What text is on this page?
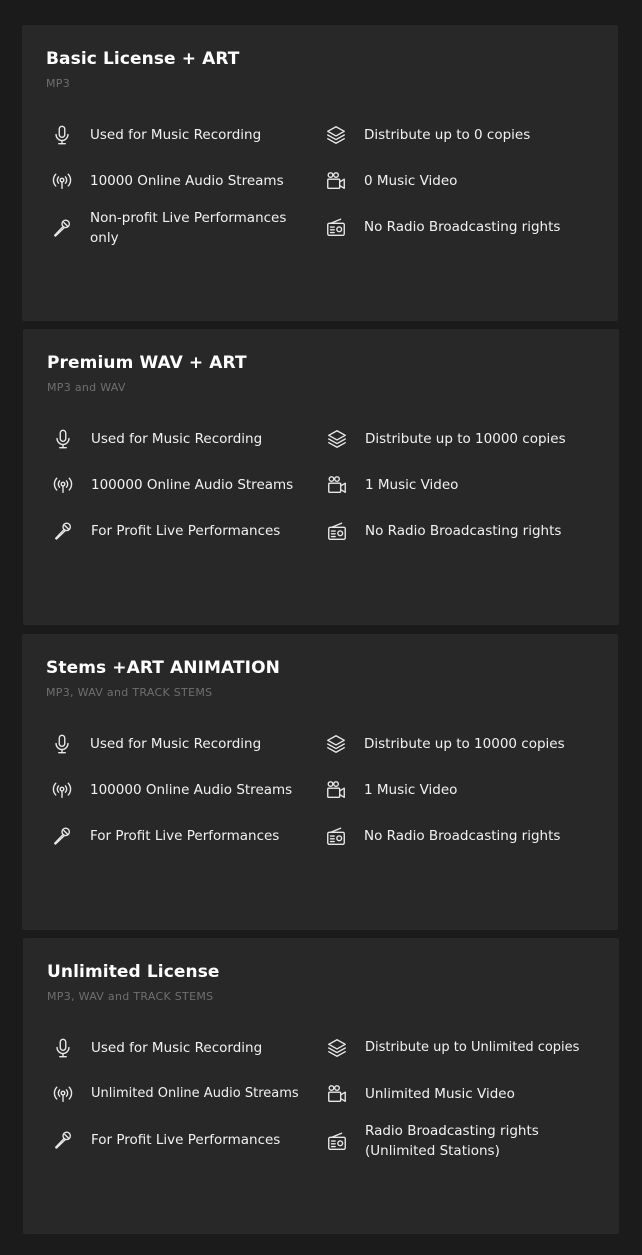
Basic License + ART
MP3
Used for Music Recording
10000 Online Audio Streams
Non-profit Live Performances only
Distribute up to 0 copies
0 Music Video
No Radio Broadcasting rights
Premium WAV + ART
MP3 and WAV
Used for Music Recording
100000 Online Audio Streams
For Profit Live Performances
Distribute up to 10000 copies
1 Music Video
No Radio Broadcasting rights
Stems +ART ANIMATION
MP3, WAV and TRACK STEMS
Used for Music Recording
100000 Online Audio Streams
For Profit Live Performances
Distribute up to 10000 copies
1 Music Video
No Radio Broadcasting rights
Unlimited License
MP3, WAV and TRACK STEMS
Used for Music Recording
Unlimited Online Audio Streams
For Profit Live Performances
Distribute up to Unlimited copies
Unlimited Music Video
Radio Broadcasting rights (Unlimited Stations)
